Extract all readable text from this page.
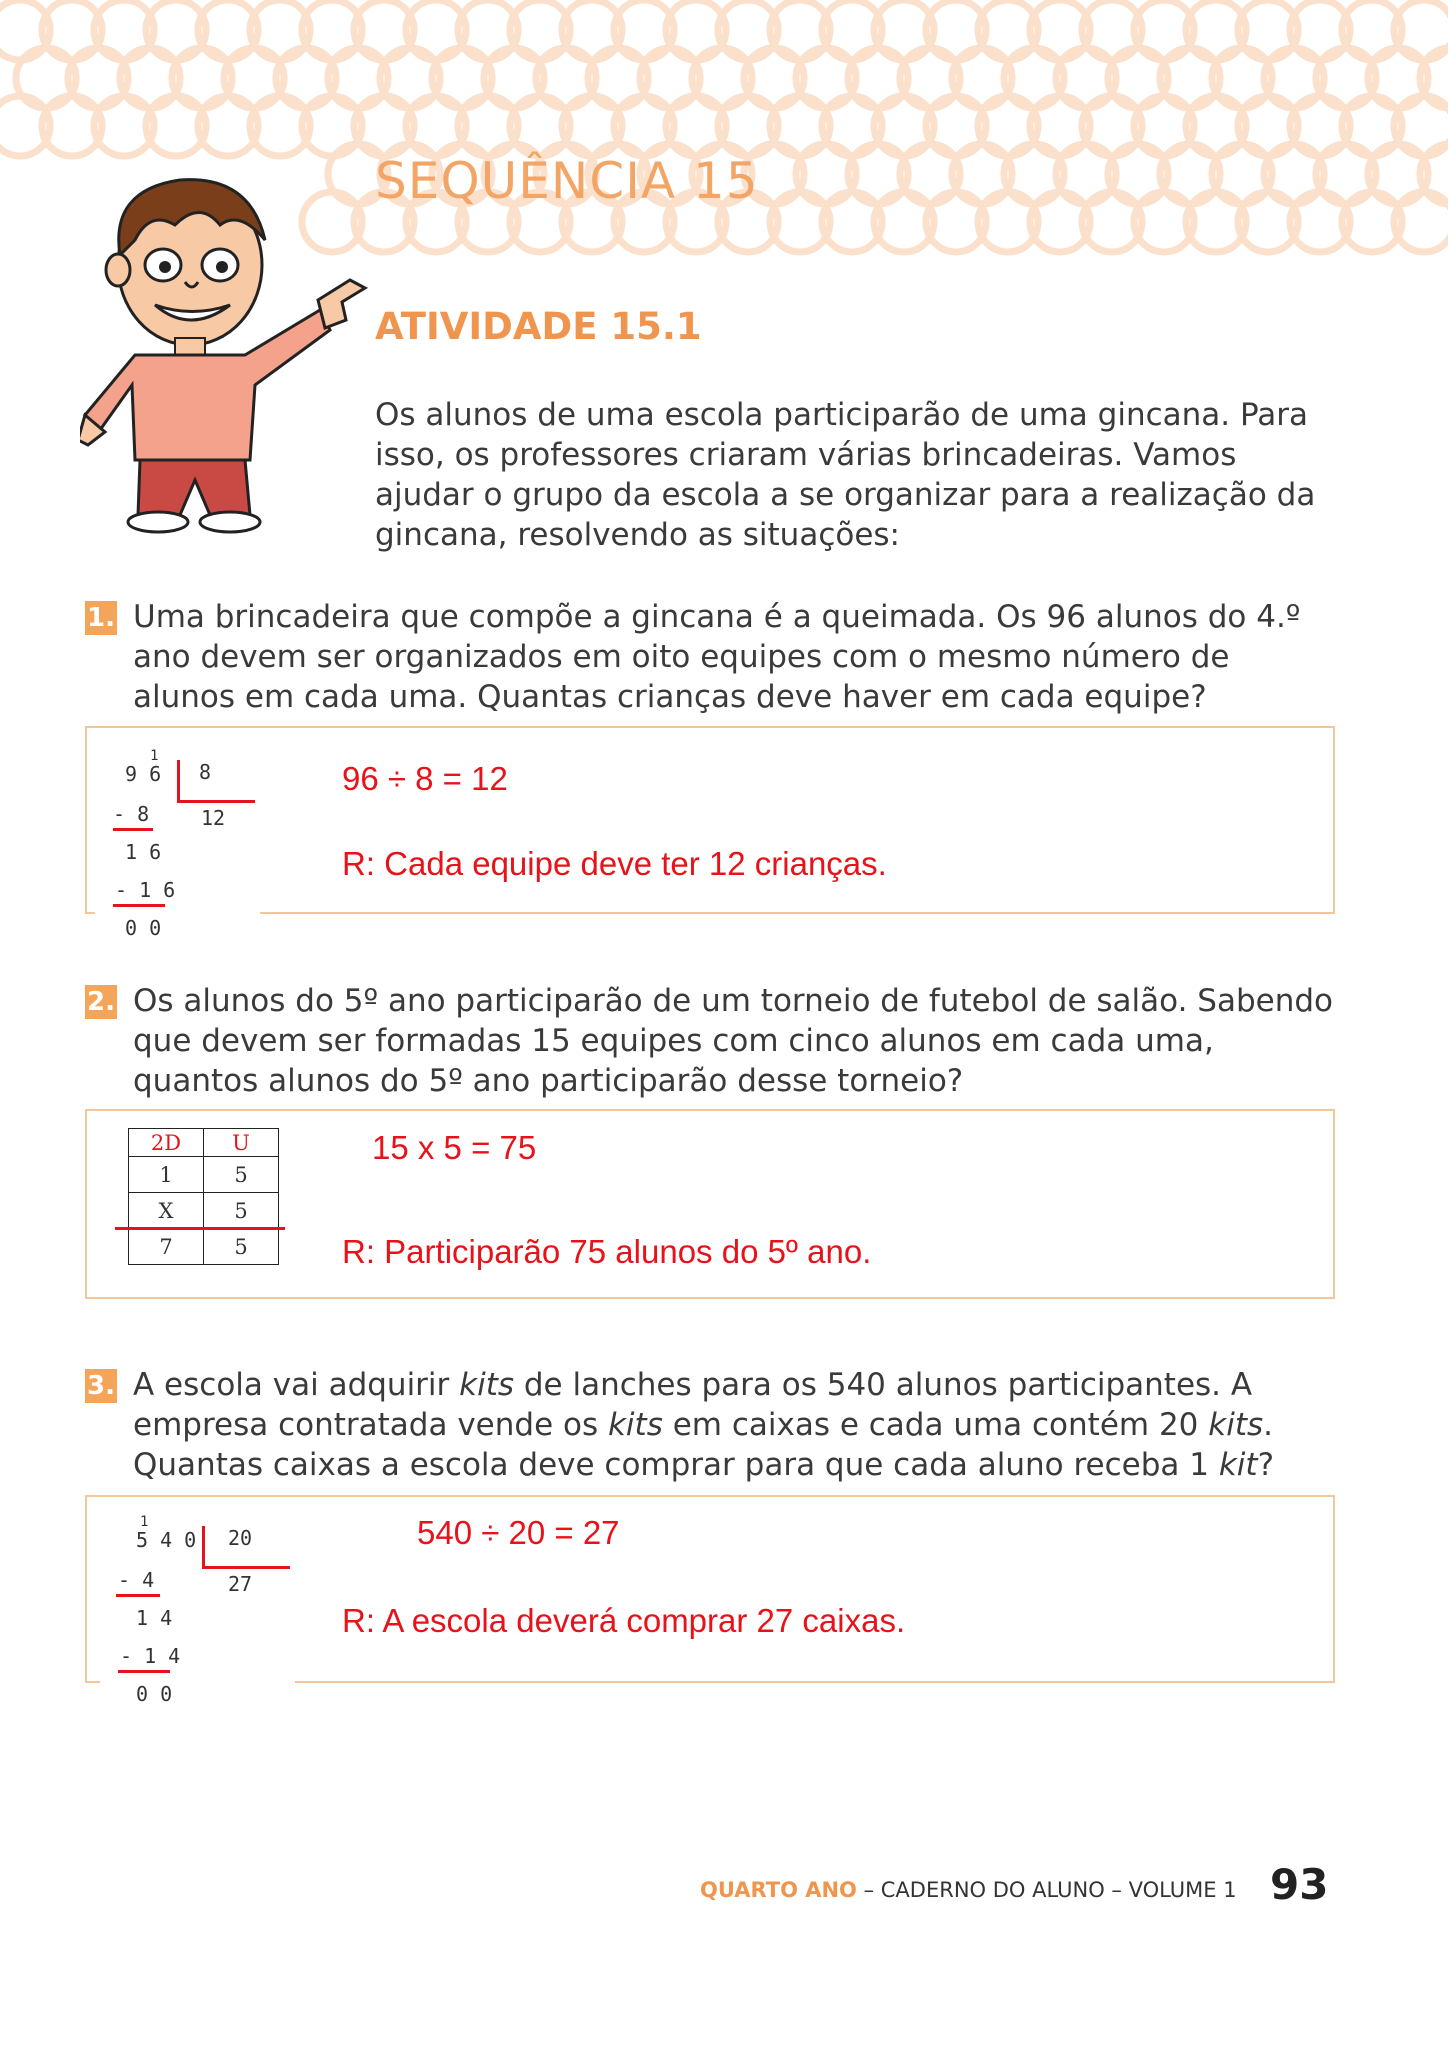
SEQUÊNCIA 15
ATIVIDADE 15.1
Os alunos de uma escola participarão de uma gincana. Para isso, os professores criaram várias brincadeiras. Vamos ajudar o grupo da escola a se organizar para a realização da gincana, resolvendo as situações:
1. Uma brincadeira que compõe a gincana é a queimada. Os 96 alunos do 4.º ano devem ser organizados em oito equipes com o mesmo número de alunos em cada uma. Quantas crianças deve haver em cada equipe?
96 ÷ 8 = 12
R: Cada equipe deve ter 12 crianças.
1
9 6 8
12
- 8
1 6
- 1 6
0 0
2. Os alunos do 5º ano participarão de um torneio de futebol de salão. Sabendo que devem ser formadas 15 equipes com cinco alunos em cada uma, quantos alunos do 5º ano participarão desse torneio?
15 x 5 = 75
R: Participarão 75 alunos do 5º ano.
2D	U
1	5
X	5
7	5
3. A escola vai adquirir kits de lanches para os 540 alunos participantes. A empresa contratada vende os kits em caixas e cada uma contém 20 kits. Quantas caixas a escola deve comprar para que cada aluno receba 1 kit?
540 ÷ 20 = 27
R: A escola deverá comprar 27 caixas.
1
5 4 0 20
27
- 4
1 4
- 1 4
0 0
QUARTO ANO – CADERNO DO ALUNO – VOLUME 1 93
